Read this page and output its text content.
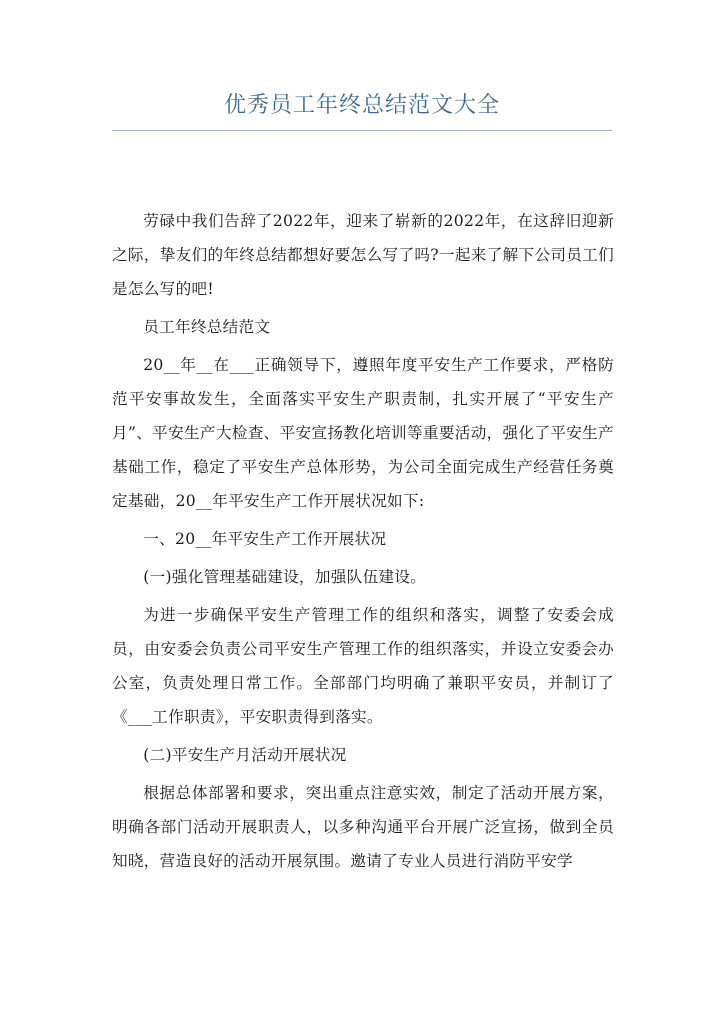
优秀员工年终总结范文大全

劳碌中我们告辞了2022年，迎来了崭新的2022年，在这辞旧迎新之际，挚友们的年终总结都想好要怎么写了吗?一起来了解下公司员工们是怎么写的吧!

员工年终总结范文

20__年__在___正确领导下，遵照年度平安生产工作要求，严格防范平安事故发生，全面落实平安生产职责制，扎实开展了“平安生产月”、平安生产大检查、平安宣扬教化培训等重要活动，强化了平安生产基础工作，稳定了平安生产总体形势，为公司全面完成生产经营任务奠定基础，20__年平安生产工作开展状况如下:

一、20__年平安生产工作开展状况

(一)强化管理基础建设，加强队伍建设。

为进一步确保平安生产管理工作的组织和落实，调整了安委会成员，由安委会负责公司平安生产管理工作的组织落实，并设立安委会办公室，负责处理日常工作。全部部门均明确了兼职平安员，并制订了《___工作职责》，平安职责得到落实。

(二)平安生产月活动开展状况

根据总体部署和要求，突出重点注意实效，制定了活动开展方案，明确各部门活动开展职责人，以多种沟通平台开展广泛宣扬，做到全员知晓，营造良好的活动开展氛围。邀请了专业人员进行消防平安学
